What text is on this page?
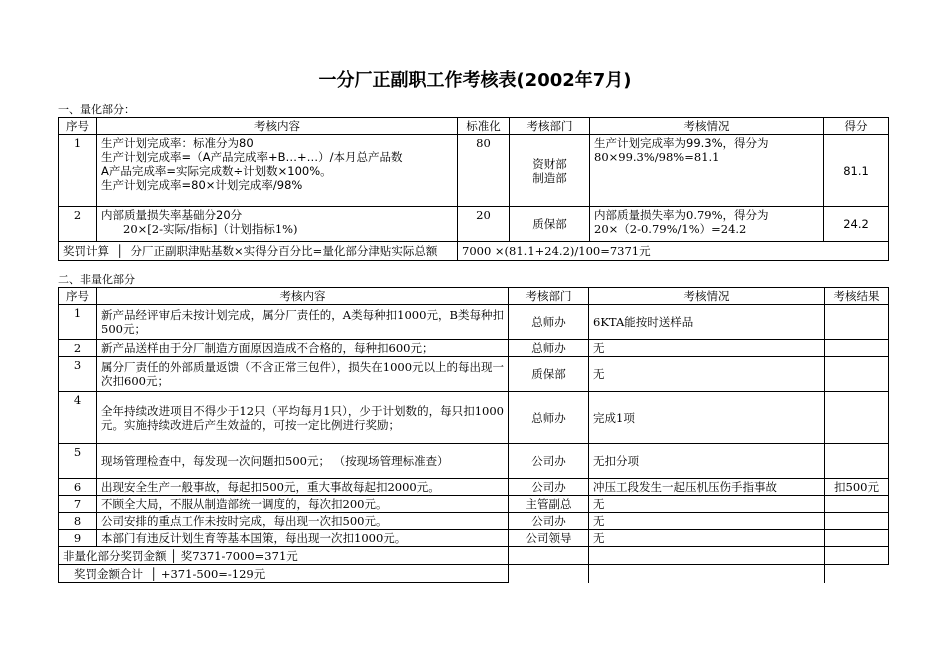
一分厂正副职工作考核表(2002年7月)
一、量化部分：
序号	考核内容	标准化	考核部门	考核情况	得分
1	生产计划完成率：标准分为80
生产计划完成率=（A产品完成率+B…+…）/本月总产品数
A产品完成率=实际完成数÷计划数×100%。
生产计划完成率=80×计划完成率/98%	80	资财部
制造部	生产计划完成率为99.3%，得分为
80×99.3%/98%=81.1	81.1
2	内部质量损失率基础分20分
20×[2-实际/指标]（计划指标1%)	20	质保部	内部质量损失率为0.79%，得分为
20×（2-0.79%/1%）=24.2	24.2
奖罚计算  │  分厂正副职津贴基数×实得分百分比=量化部分津贴实际总额		7000 ×(81.1+24.2)/100=7371元			
二、非量化部分
序号	考核内容	考核部门	考核情况	考核结果
1	新产品经评审后未按计划完成，属分厂责任的，A类每种扣1000元，B类每种扣500元；	总师办	6KTA能按时送样品	
2	新产品送样由于分厂制造方面原因造成不合格的，每种扣600元；	总师办	无	
3	属分厂责任的外部质量返馈（不含正常三包件），损失在1000元以上的每出现一次扣600元；	质保部	无	
4	全年持续改进项目不得少于12只（平均每月1只），少于计划数的，每只扣1000元。实施持续改进后产生效益的，可按一定比例进行奖励；	总师办	完成1项	
5	现场管理检查中，每发现一次问题扣500元； （按现场管理标准查）	公司办	无扣分项	
6	出现安全生产一般事故，每起扣500元，重大事故每起扣2000元。	公司办	冲压工段发生一起压机压伤手指事故	扣500元
7	不顾全大局，不服从制造部统一调度的，每次扣200元。	主管副总	无	
8	公司安排的重点工作未按时完成，每出现一次扣500元。	公司办	无	
9	本部门有违反计划生育等基本国策，每出现一次扣1000元。	公司领导	无	
非量化部分奖罚金额 │ 奖7371-7000=371元				
奖罚金额合计  │ +371-500=-129元				
